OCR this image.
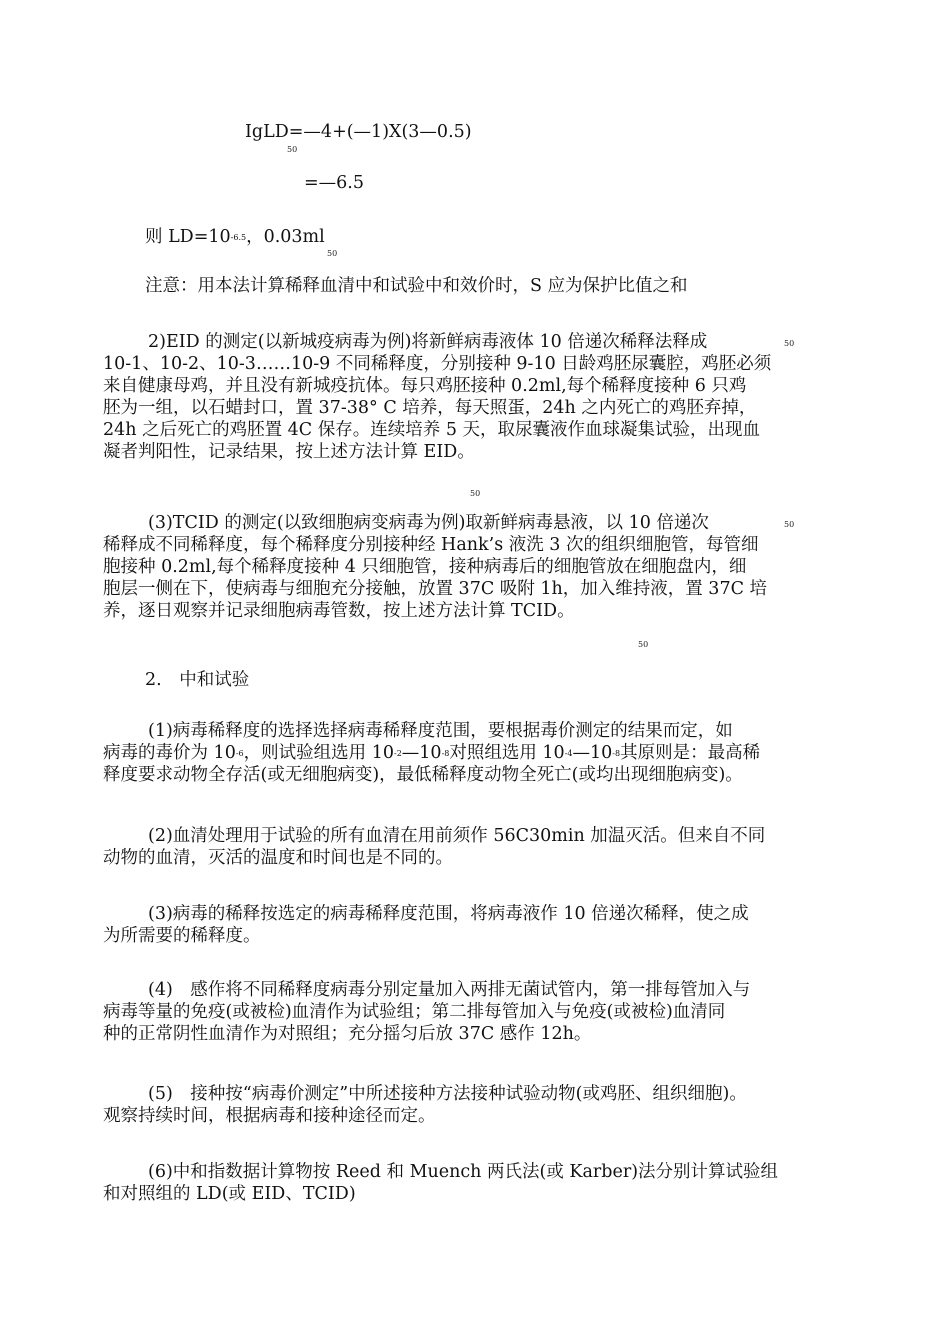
IgLD=—4+(—1)X(3—0.5)
50
=—6.5
则 LD=10-6.5，0.03ml
50
注意：用本法计算稀释血清中和试验中和效价时，S 应为保护比值之和
2)EID 的测定(以新城疫病毒为例)将新鲜病毒液体 10 倍递次稀释法释成
10-1、10-2、10-3……10-9 不同稀释度，分别接种 9-10 日龄鸡胚尿囊腔，鸡胚必须
来自健康母鸡，并且没有新城疫抗体。每只鸡胚接种 0.2ml,每个稀释度接种 6 只鸡
胚为一组，以石蜡封口，置 37-38° C 培养，每天照蛋，24h 之内死亡的鸡胚弃掉，
24h 之后死亡的鸡胚置 4C 保存。连续培养 5 天，取尿囊液作血球凝集试验，出现血
凝者判阳性，记录结果，按上述方法计算 EID。
50
50
(3)TCID 的测定(以致细胞病变病毒为例)取新鲜病毒悬液，以 10 倍递次
稀释成不同稀释度，每个稀释度分别接种经 Hank’s 液洗 3 次的组织细胞管，每管细
胞接种 0.2ml,每个稀释度接种 4 只细胞管，接种病毒后的细胞管放在细胞盘内，细
胞层一侧在下，使病毒与细胞充分接触，放置 37C 吸附 1h，加入维持液，置 37C 培
养，逐日观察并记录细胞病毒管数，按上述方法计算 TCID。
50
50
2.　中和试验
(1)病毒稀释度的选择选择病毒稀释度范围，要根据毒价测定的结果而定，如
病毒的毒价为 10-6，则试验组选用 10-2—10-8对照组选用 10-4—10-8其原则是：最高稀
释度要求动物全存活(或无细胞病变)，最低稀释度动物全死亡(或均出现细胞病变)。
(2)血清处理用于试验的所有血清在用前须作 56C30min 加温灭活。但来自不同
动物的血清，灭活的温度和时间也是不同的。
(3)病毒的稀释按选定的病毒稀释度范围，将病毒液作 10 倍递次稀释，使之成
为所需要的稀释度。
(4)　感作将不同稀释度病毒分别定量加入两排无菌试管内，第一排每管加入与
病毒等量的免疫(或被检)血清作为试验组；第二排每管加入与免疫(或被检)血清同
种的正常阴性血清作为对照组；充分摇匀后放 37C 感作 12h。
(5)　接种按“病毒价测定”中所述接种方法接种试验动物(或鸡胚、组织细胞)。
观察持续时间，根据病毒和接种途径而定。
(6)中和指数据计算物按 Reed 和 Muench 两氏法(或 Karber)法分别计算试验组
和对照组的 LD(或 EID、TCID)
